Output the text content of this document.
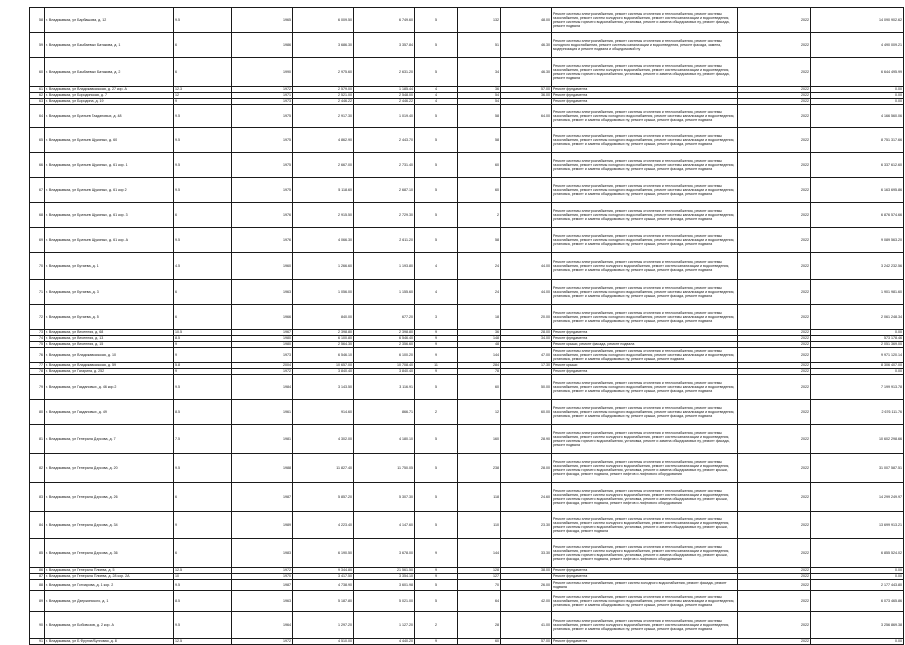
58	г. Владикавказ, ул Барбашова, д. 12	9.5	1965	6 009.50	6 749.60	5	132	48.00	Ремонт системы электроснабжения, ремонт системы отопления и теплоснабжения, ремонт системы газоснабжения, ремонт систем холодного водоснабжения, ремонт систем канализации и водоотведения, ремонт системы горячего водоснабжения, установка, ремонт и замена общедомовых пу, ремонт фасада, ремонт подвала	2022	14 090 902.62
59	г. Владикавказ, ул Бзыбаевых Батакова, д. 1	6	1986	3 686.30	3 357.84	5	51	46.30	Ремонт системы электроснабжения, ремонт системы отопления и теплоснабжения, ремонт системы холодного водоснабжения, ремонт системы канализации и водоотведения, ремонт фасада, замена, модернизация и ремонт подвала и общедомовой пу	2022	4 490 009.21
60	г. Владикавказ, ул Бзыбаевых Батакова, д. 2	6	1990	2 975.60	2 631.20	5	34	46.30	Ремонт системы электроснабжения, ремонт системы отопления и теплоснабжения, ремонт системы газоснабжения, ремонт систем холодного водоснабжения, ремонт систем канализации и водоотведения, ремонт системы горячего водоснабжения, установка, ремонт и замена общедомовых пу, ремонт фасада, ремонт подвала	2022	6 644 495.99
61	г. Владикавказ, ул Владикавказская, д. 27 кор. А	12.3	1972	2 579.00	1 185.44	4	36	57.00	Ремонт фундамента	2022	0.00
62	г. Владикавказ, ул Бородинская, д. 7	12	1971	2 521.00	2 548.00	4	54	36.00	Ремонт фундамента	2022	0.00
63	г. Владикавказ, ул Бородина, д. 19	9	1973	2 446.22	2 446.22	4	54		Ремонт фундамента	2022	0.00
64	г. Владикавказ, ул Братьев Газдановых, д. 48	9.5	1975	2 917.30	1 019.40	5	58	64.00	Ремонт системы электроснабжения, ремонт системы отопления и теплоснабжения, ремонт системы газоснабжения, ремонт системы холодного водоснабжения, ремонт системы канализации и водоотведения, установка, ремонт и замена общедомовых пу, ремонт крыши, ремонт фасада, ремонт подвала	2022	4 166 560.06
65	г. Владикавказ, ул Братьев Щукиных, д. 60	9.5	1975	4 862.90	2 443.70	5	58		Ремонт системы электроснабжения, ремонт системы отопления и теплоснабжения, ремонт системы газоснабжения, ремонт системы холодного водоснабжения, ремонт системы канализации и водоотведения, установка, ремонт и замена общедомовых пу, ремонт крыши, ремонт фасада, ремонт подвала	2022	8 751 317.66
66	г. Владикавказ, ул Братьев Щукиных, д. 61 кор. 1	9.5	1975	2 667.00	2 731.40	5	60		Ремонт системы электроснабжения, ремонт системы отопления и теплоснабжения, ремонт системы газоснабжения, ремонт системы холодного водоснабжения, ремонт системы канализации и водоотведения, установка, ремонт и замена общедомовых пу, ремонт крыши, ремонт фасада, ремонт подвала	2022	6 337 612.60
67	г. Владикавказ, ул Братьев Щукиных, д. 61 кор 2	9.5	1975	5 118.60	2 687.10	5	60		Ремонт системы электроснабжения, ремонт системы отопления и теплоснабжения, ремонт системы газоснабжения, ремонт системы холодного водоснабжения, ремонт системы канализации и водоотведения, установка, ремонт и замена общедомовых пу, ремонт крыши, ремонт фасада, ремонт подвала	2022	6 163 695.86
68	г. Владикавказ, ул Братьев Щукиных, д. 61 кор. 3	6	1976	2 915.50	2 729.30	5	2		Ремонт системы электроснабжения, ремонт системы отопления и теплоснабжения, ремонт системы газоснабжения, ремонт системы холодного водоснабжения, ремонт системы канализации и водоотведения, установка, ремонт и замена общедомовых пу, ремонт крыши, ремонт фасада, ремонт подвала	2022	6 876 574.66
69	г. Владикавказ, ул Братьев Щукиных, д. 61 кор. А	9.5	1976	4 066.30	2 611.20	5	58		Ремонт системы электроснабжения, ремонт системы отопления и теплоснабжения, ремонт системы газоснабжения, ремонт системы холодного водоснабжения, ремонт системы канализации и водоотведения, установка, ремонт и замена общедомовых пу, ремонт крыши, ремонт фасада, ремонт подвала	2022	9 089 563.20
70	г. Владикавказ, ул Бутаева, д. 1	4.5	1960	1 266.60	1 193.80	4	24	44.00	Ремонт системы электроснабжения, ремонт системы отопления и теплоснабжения, ремонт системы газоснабжения, ремонт систем холодного водоснабжения, ремонт систем канализации и водоотведения, установка, ремонт и замена общедомовых пу, ремонт крыши, ремонт фасада, ремонт подвала	2022	3 242 232.56
71	г. Владикавказ, ул Бутаева, д. 3	6	1963	1 056.00	1 155.60	4	24	44.00	Ремонт системы электроснабжения, ремонт системы отопления и теплоснабжения, ремонт системы газоснабжения, ремонт системы холодного водоснабжения, ремонт системы канализации и водоотведения, установка, ремонт и замена общедомовых пу, ремонт крыши, ремонт фасада, ремонт подвала	2022	1 901 981.60
72	г. Владикавказ, ул Бутаева, д. 5	6	1966	840.00	677.20	3	18	20.00	Ремонт системы электроснабжения, ремонт системы отопления и теплоснабжения, ремонт системы газоснабжения, ремонт системы холодного водоснабжения, ремонт системы канализации и водоотведения, установка, ремонт и замена общедомовых пу, ремонт крыши, ремонт фасада, ремонт подвала	2022	2 061 248.34
73	г. Владикавказ, ул Весенняя, д. 68	10.5	1967	2 398.80	2 398.80	9	36	28.00	Ремонт фундамента	2022	0.00
74	г. Владикавказ, ул Весенняя, д. 13	8.5	1980	6 100.80	6 546.40	9	148	34.00	Ремонт фундамента	2022	573 178.46
75	г. Владикавказ, ул Весенняя, д. 15	9	1980	2 564.30	2 356.60	9	48		Ремонт крыши, ремонт фасада, ремонт подвала	2022	2 051 369.00
76	г. Владикавказ, ул Владикавказская, д. 10	9	1973	6 546.10	6 100.20	9	144	47.00	Ремонт системы электроснабжения, ремонт системы отопления и теплоснабжения, ремонт системы газоснабжения, ремонт системы холодного водоснабжения, ремонт системы канализации и водоотведения, установка, ремонт и замена общедомовых пу, ремонт крыши, ремонт подвала	2022	9 971 120.14
77	г. Владикавказ, ул Владикавказская, д. 59	5.8	2004	10 657.00	10 708.40	11	284	17.30	Ремонт крыши	2022	8 306 407.00
78	г. Владикавказ, ул Гагарина, д. 252	9	1972	3 840.40	3 840.40	9	78		Ремонт фундамента	2022	0.00
79	г. Владикавказ, ул Газдановых, д. 46 кор.2	9.5	1984	3 143.50	3 116.91	5	60	50.00	Ремонт системы электроснабжения, ремонт системы отопления и теплоснабжения, ремонт системы газоснабжения, ремонт системы холодного водоснабжения, ремонт системы канализации и водоотведения, установка, ремонт и замена общедомовых пу, ремонт крыши, ремонт фасада, ремонт подвала	2022	7 199 913.78
80	г. Владикавказ, ул Газдановых, д. 49	8.5	1961	914.60	866.71	2	12	60.00	Ремонт системы электроснабжения, ремонт системы отопления и теплоснабжения, ремонт системы газоснабжения, ремонт системы холодного водоснабжения, ремонт системы канализации и водоотведения, установка, ремонт и замена общедомовых пу, ремонт крыши, ремонт фасада, ремонт подвала	2022	2 676 111.76
81	г. Владикавказ, ул Генерала Дзусова, д. 7	7.5	1981	4 302.00	4 180.10	5	160	28.90	Ремонт системы электроснабжения, ремонт системы отопления и теплоснабжения, ремонт системы газоснабжения, ремонт систем холодного водоснабжения, ремонт систем канализации и водоотведения, ремонт системы горячего водоснабжения, установка, ремонт и замена общедомовых пу, ремонт фасада, ремонт подвала	2022	10 602 298.66
82	г. Владикавказ, ул Генерала Дзусова, д. 20	9.5	1988	11 827.40	11 750.05	5	238	28.00	Ремонт системы электроснабжения, ремонт системы отопления и теплоснабжения, ремонт системы газоснабжения, ремонт систем холодного водоснабжения, ремонт систем канализации и водоотведения, ремонт системы горячего водоснабжения, установка, ремонт и замена общедомовых пу, ремонт крыши, ремонт фасада, ремонт подвала, ремонт лифтов и лифтового оборудования	2022	31 007 587.51
83	г. Владикавказ, ул Генерала Дзусова, д. 26	6	1987	5 857.20	5 307.30	5	118	24.60	Ремонт системы электроснабжения, ремонт системы отопления и теплоснабжения, ремонт системы газоснабжения, ремонт систем холодного водоснабжения, ремонт систем канализации и водоотведения, ремонт системы горячего водоснабжения, установка, ремонт и замена общедомовых пу, ремонт крыши, ремонт фасада, ремонт подвала, ремонт лифтов и лифтового оборудования	2022	14 299 249.97
84	г. Владикавказ, ул Генерала Дзусова, д. 34	9	1989	4 223.40	4 147.60	5	110	23.30	Ремонт системы электроснабжения, ремонт системы отопления и теплоснабжения, ремонт системы газоснабжения, ремонт систем холодного водоснабжения, ремонт систем канализации и водоотведения, ремонт системы горячего водоснабжения, установка, ремонт и замена общедомовых пу, ремонт крыши, ремонт фасада, ремонт подвала	2022	13 699 913.21
85	г. Владикавказ, ул Генерала Дзусова, д. 36	6	1983	6 190.50	3 678.00	9	144	33.30	Ремонт системы электроснабжения, ремонт системы отопления и теплоснабжения, ремонт системы газоснабжения, ремонт систем холодного водоснабжения, ремонт систем канализации и водоотведения, ремонт системы горячего водоснабжения, установка, ремонт и замена общедомовых пу, ремонт крыши, ремонт фасада, ремонт подвала, ремонт лифтов и лифтового оборудования	2022	6 855 524.02
86	г. Владикавказ, ул Генерала Плиева, д. 5	12.5	1972	9 344.80	21 561.50	9	128	38.00	Ремонт фундамента	2022	0.00
87	г. Владикавказ, ул Генерала Плиева, д. 28 кор. 2А	10	1970	3 417.50	3 354.10	9	127		Ремонт фундамента	2022	0.00
88	г. Владикавказ, ул Гончарова, д. 1 кор. 2	9.5	1987	4 738.90	3 601.98	5	70	26.00	Ремонт системы электроснабжения, ремонт систем холодного водоснабжения, ремонт фасада, ремонт подвала	2022	2 177 443.80
89	г. Владикавказ, ул Дзержинского, д. 1	8.5	1963	5 187.80	5 021.00	5	64	42.00	Ремонт системы электроснабжения, ремонт системы отопления и теплоснабжения, ремонт системы газоснабжения, ремонт системы холодного водоснабжения, ремонт системы канализации и водоотведения, установка, ремонт и замена общедомовых пу, ремонт крыши, ремонт фасада, ремонт подвала	2022	6 073 465.86
90	г. Владикавказ, ул Бобовозов, д. 2 кор. А	9.5	1964	1 297.20	1 127.20	2	28	41.00	Ремонт системы электроснабжения, ремонт системы отопления и теплоснабжения, ремонт системы газоснабжения, ремонт систем холодного водоснабжения, ремонт систем канализации и водоотведения, установка, ремонт и замена общедомовых пу, ремонт крыши, ремонт фасада, ремонт подвала	2022	3 256 869.38
91	г. Владикавказ, ул Б Фрунзе/Бунговая, д. 8	12.5	1972	4 510.00	4 440.20	9	60	57.00	Ремонт фундамента	2022	0.00
